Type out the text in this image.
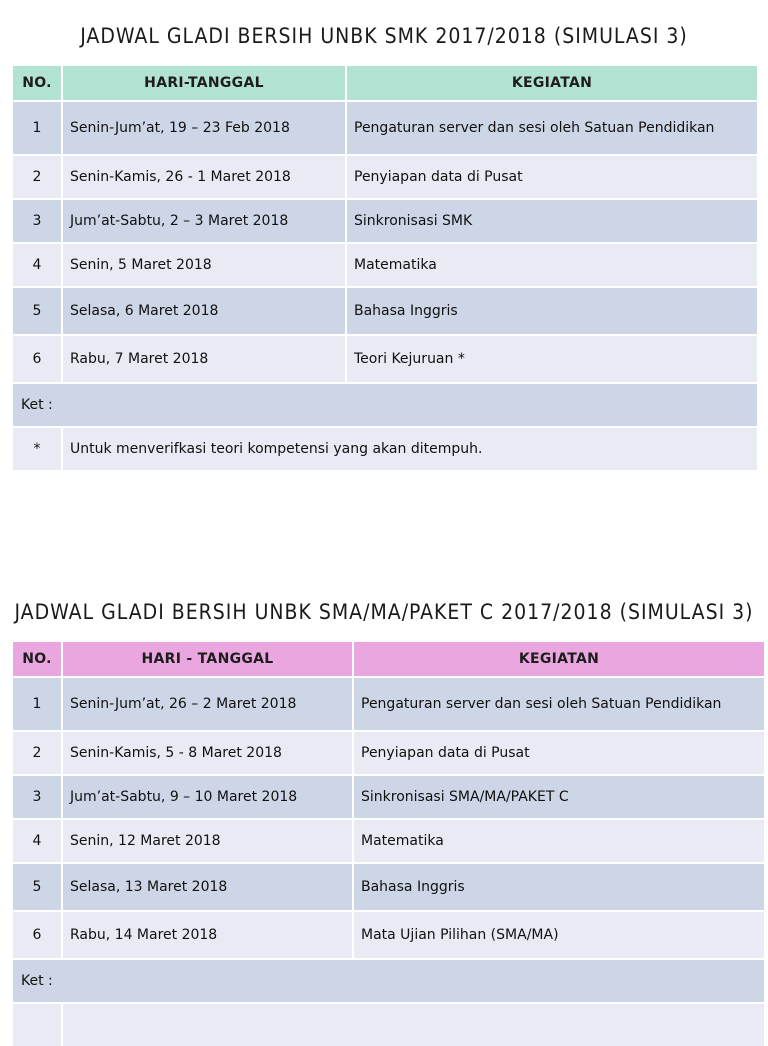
JADWAL GLADI BERSIH UNBK SMK 2017/2018 (SIMULASI 3)
NO.	HARI-TANGGAL	KEGIATAN
1	Senin-Jum’at, 19 – 23 Feb 2018	Pengaturan server dan sesi oleh Satuan Pendidikan
2	Senin-Kamis, 26 - 1 Maret 2018	Penyiapan data di Pusat
3	Jum’at-Sabtu, 2 – 3 Maret 2018	Sinkronisasi SMK
4	Senin, 5 Maret 2018	Matematika
5	Selasa, 6 Maret 2018	Bahasa Inggris
6	Rabu, 7 Maret 2018	Teori Kejuruan *
Ket :		
*	Untuk menverifkasi teori kompetensi yang akan ditempuh.	
JADWAL GLADI BERSIH UNBK SMA/MA/PAKET C 2017/2018 (SIMULASI 3)
NO.	HARI - TANGGAL	KEGIATAN
1	Senin-Jum’at, 26 – 2 Maret 2018	Pengaturan server dan sesi oleh Satuan Pendidikan
2	Senin-Kamis, 5 - 8 Maret 2018	Penyiapan data di Pusat
3	Jum’at-Sabtu, 9 – 10 Maret 2018	Sinkronisasi SMA/MA/PAKET C
4	Senin, 12 Maret 2018	Matematika
5	Selasa, 13 Maret 2018	Bahasa Inggris
6	Rabu, 14 Maret 2018	Mata Ujian Pilihan (SMA/MA)
Ket :		
